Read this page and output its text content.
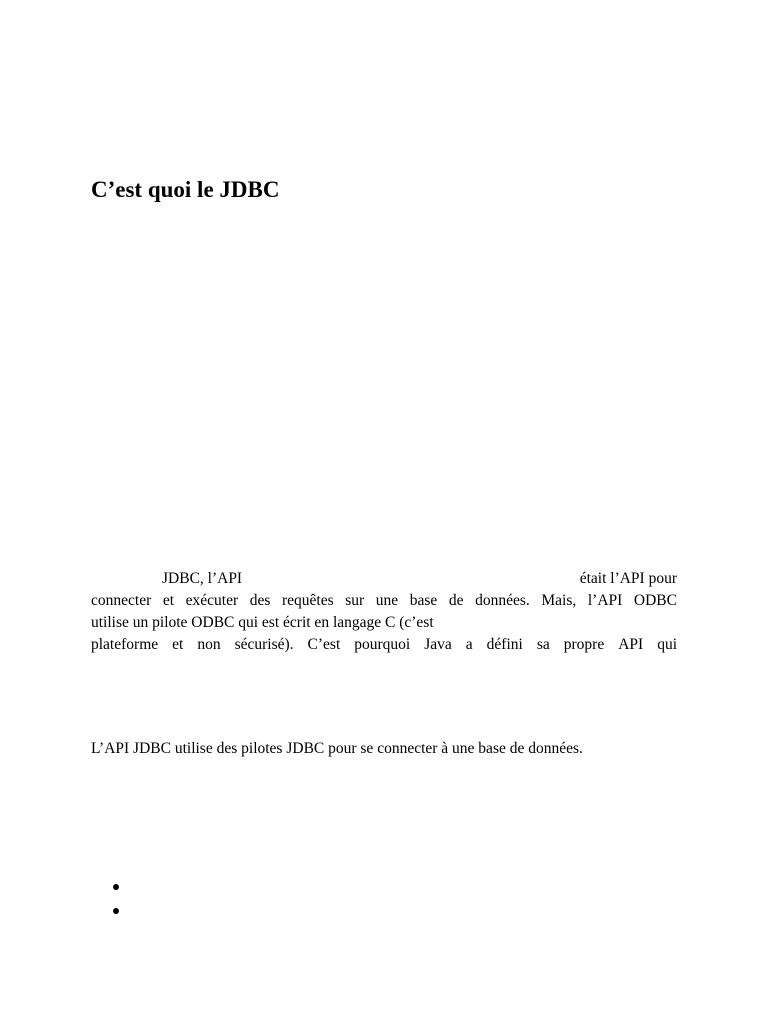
C’est quoi le JDBC
JDBC, l’API	était l’API pour
connecter et exécuter des requêtes sur une base de données. Mais, l’API ODBC
utilise un pilote ODBC qui est écrit en langage C (c’est
plateforme et non sécurisé). C’est pourquoi Java a défini sa propre API qui

L’API JDBC utilise des pilotes JDBC pour se connecter à une base de données.
